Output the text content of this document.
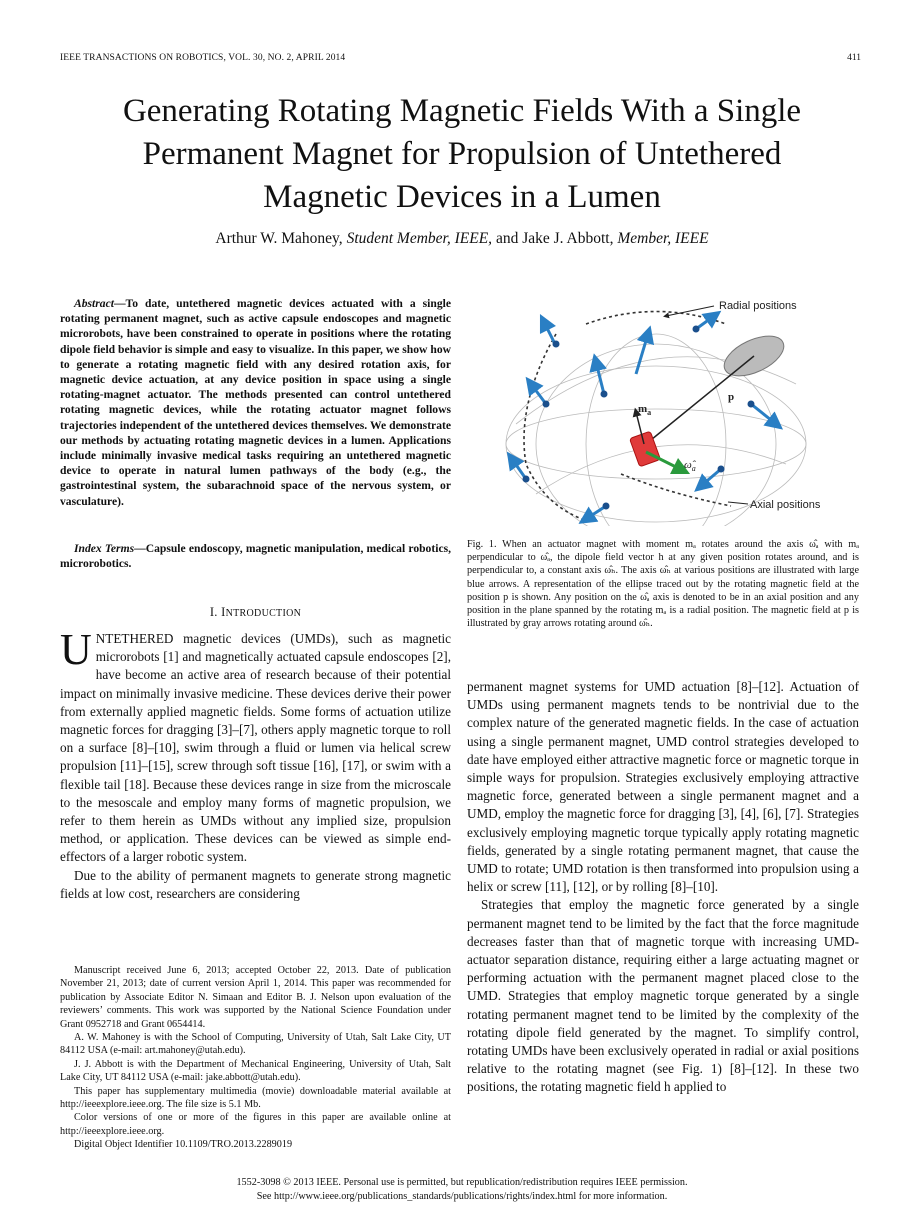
IEEE TRANSACTIONS ON ROBOTICS, VOL. 30, NO. 2, APRIL 2014	411
Generating Rotating Magnetic Fields With a Single
Permanent Magnet for Propulsion of Untethered
Magnetic Devices in a Lumen
Arthur W. Mahoney, Student Member, IEEE, and Jake J. Abbott, Member, IEEE
Abstract—To date, untethered magnetic devices actuated with a single rotating permanent magnet, such as active capsule endoscopes and magnetic microrobots, have been constrained to operate in positions where the rotating dipole field behavior is simple and easy to visualize. In this paper, we show how to generate a rotating magnetic field with any desired rotation axis, for magnetic device actuation, at any device position in space using a single rotating-magnet actuator. The methods presented can control untethered rotating magnetic devices, while the rotating actuator magnet follows trajectories independent of the untethered devices themselves. We demonstrate our methods by actuating rotating magnetic devices in a lumen. Applications include minimally invasive medical tasks requiring an untethered magnetic device to operate in natural lumen pathways of the body (e.g., the gastrointestinal system, the subarachnoid space of the nervous system, or vasculature).
Index Terms—Capsule endoscopy, magnetic manipulation, medical robotics, microrobotics.
I. INTRODUCTION

UNTETHERED magnetic devices (UMDs), such as magnetic microrobots [1] and magnetically actuated capsule endoscopes [2], have become an active area of research because of their potential impact on minimally invasive medicine. These devices derive their power from externally applied magnetic fields. Some forms of actuation utilize magnetic forces for dragging [3]–[7], others apply magnetic torque to roll on a surface [8]–[10], swim through a fluid or lumen via helical screw propulsion [11]–[15], screw through soft tissue [16], [17], or swim with a flexible tail [18]. Because these devices range in size from the microscale to the mesoscale and employ many forms of magnetic propulsion, we refer to them herein as UMDs without any implied size, propulsion method, or application. These devices can be viewed as simple end-effectors of a larger robotic system.

Due to the ability of permanent magnets to generate strong magnetic fields at low cost, researchers are considering

Manuscript received June 6, 2013; accepted October 22, 2013. Date of publication November 21, 2013; date of current version April 1, 2014. This paper was recommended for publication by Associate Editor N. Simaan and Editor B. J. Nelson upon evaluation of the reviewers’ comments. This work was supported by the National Science Foundation under Grant 0952718 and Grant 0654414.

A. W. Mahoney is with the School of Computing, University of Utah, Salt Lake City, UT 84112 USA (e-mail: art.mahoney@utah.edu).

J. J. Abbott is with the Department of Mechanical Engineering, University of Utah, Salt Lake City, UT 84112 USA (e-mail: jake.abbott@utah.edu).

This paper has supplementary multimedia (movie) downloadable material available at http://ieeexplore.ieee.org. The file size is 5.1 Mb.

Color versions of one or more of the figures in this paper are available online at http://ieeexplore.ieee.org.

Digital Object Identifier 10.1109/TRO.2013.2289019

Radial positions
Axial positions
p
$m_a$
$\omegâ_a$
Fig. 1. When an actuator magnet with moment mₐ rotates around the axis ω̂ₐ with mₐ perpendicular to ω̂ₐ, the dipole field vector h at any given position rotates around, and is perpendicular to, a constant axis ω̂ₕ. The axis ω̂ₕ at various positions are illustrated with large blue arrows. A representation of the ellipse traced out by the rotating magnetic field at the position p is shown. Any position on the ω̂ₐ axis is denoted to be in an axial position and any position in the plane spanned by the rotating mₐ is a radial position. The magnetic field at p is illustrated by gray arrows rotating around ω̂ₕ.

permanent magnet systems for UMD actuation [8]–[12]. Actuation of UMDs using permanent magnets tends to be nontrivial due to the complex nature of the generated magnetic fields. In the case of actuation using a single permanent magnet, UMD control strategies developed to date have employed either attractive magnetic force or magnetic torque in simple ways for propulsion. Strategies exclusively employing attractive magnetic force, generated between a single permanent magnet and a UMD, employ the magnetic force for dragging [3], [4], [6], [7]. Strategies exclusively employing magnetic torque typically apply rotating magnetic fields, generated by a single rotating permanent magnet, that cause the UMD to rotate; UMD rotation is then transformed into propulsion using a helix or screw [11], [12], or by rolling [8]–[10].

Strategies that employ the magnetic force generated by a single permanent magnet tend to be limited by the fact that the force magnitude decreases faster than that of magnetic torque with increasing UMD-actuator separation distance, requiring either a large actuating magnet or performing actuation with the permanent magnet placed close to the UMD. Strategies that employ magnetic torque generated by a single rotating permanent magnet tend to be limited by the complexity of the rotating dipole field generated by the magnet. To simplify control, rotating UMDs have been exclusively operated in radial or axial positions relative to the rotating magnet (see Fig. 1) [8]–[12]. In these two positions, the rotating magnetic field h applied to

1552-3098 © 2013 IEEE. Personal use is permitted, but republication/redistribution requires IEEE permission.
See http://www.ieee.org/publications_standards/publications/rights/index.html for more information.
